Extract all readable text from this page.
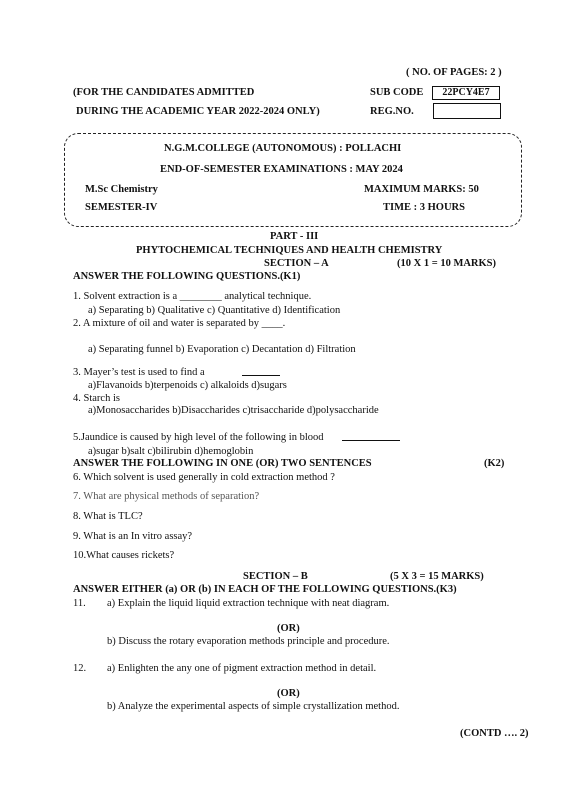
( NO. OF PAGES: 2 )
(FOR THE CANDIDATES ADMITTED	SUB CODE	22PCY4E7
DURING THE ACADEMIC YEAR 2022-2024 ONLY)	REG.NO.
N.G.M.COLLEGE (AUTONOMOUS) : POLLACHI
END-OF-SEMESTER EXAMINATIONS : MAY 2024
M.Sc Chemistry	MAXIMUM MARKS: 50
SEMESTER-IV	TIME : 3 HOURS
PART - III
PHYTOCHEMICAL TECHNIQUES AND HEALTH CHEMISTRY
SECTION – A	(10 X 1 = 10 MARKS)
ANSWER THE FOLLOWING QUESTIONS.(K1)
1. Solvent extraction is a ________ analytical technique.
a) Separating b) Qualitative c) Quantitative d) Identification
2. A mixture of oil and water is separated by ____.
a) Separating funnel b) Evaporation c) Decantation d) Filtration
3. Mayer’s test is used to find a
a)Flavanoids b)terpenoids c) alkaloids d)sugars
4. Starch is
a)Monosaccharides b)Disaccharides c)trisaccharide d)polysaccharide
5.Jaundice is caused by high level of the following in blood
a)sugar b)salt c)bilirubin d)hemoglobin
ANSWER THE FOLLOWING IN ONE (OR) TWO SENTENCES	(K2)
6. Which solvent is used generally in cold extraction method ?
7. What are physical methods of separation?
8. What is TLC?
9. What is an In vitro assay?
10.What causes rickets?
SECTION – B	(5 X 3 = 15 MARKS)
ANSWER EITHER (a) OR (b) IN EACH OF THE FOLLOWING QUESTIONS.(K3)
11. a) Explain the liquid liquid extraction technique with neat diagram.
(OR)
b) Discuss the rotary evaporation methods principle and procedure.
12. a) Enlighten the any one of pigment extraction method in detail.
(OR)
b) Analyze the experimental aspects of simple crystallization method.
(CONTD …. 2)
